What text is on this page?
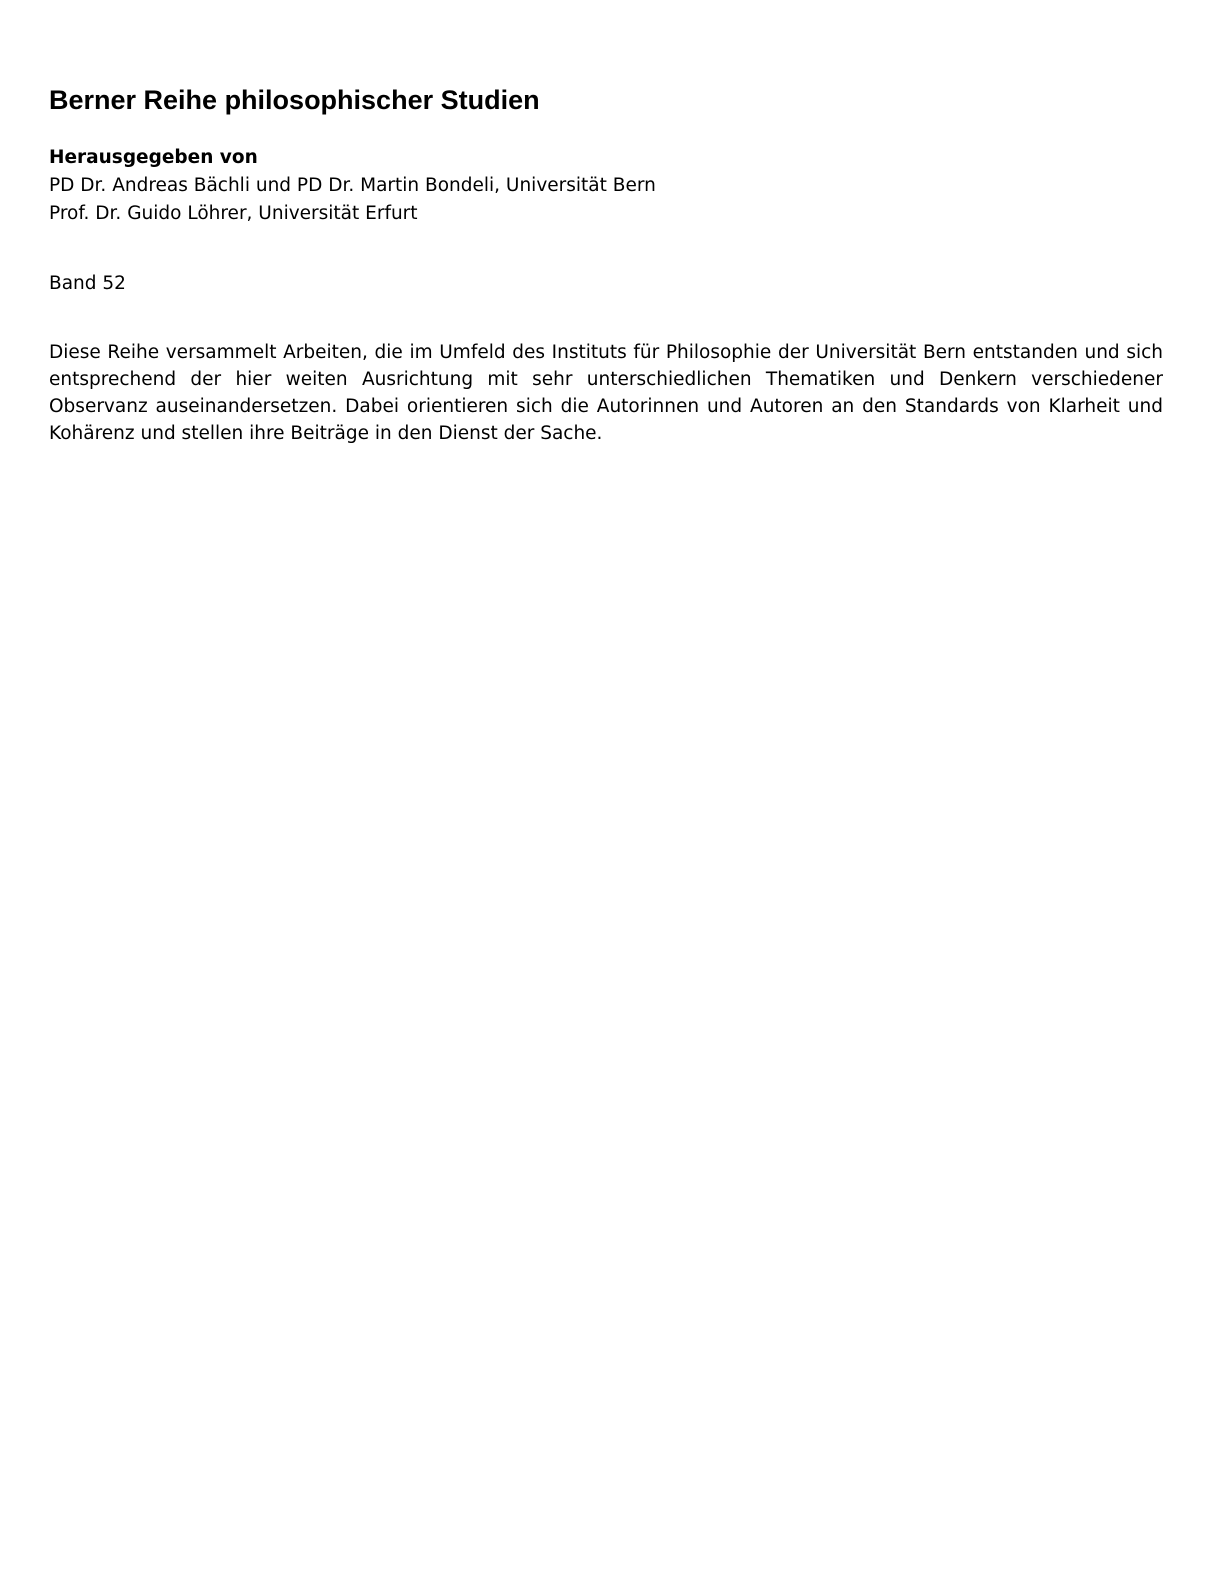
Berner Reihe philosophischer Studien
Herausgegeben von
PD Dr. Andreas Bächli und PD Dr. Martin Bondeli, Universität Bern
Prof. Dr. Guido Löhrer, Universität Erfurt
Band 52

Diese Reihe versammelt Arbeiten, die im Umfeld des Instituts für Philosophie der Universität Bern entstanden und sich entsprechend der hier weiten Ausrichtung mit sehr unterschiedlichen Thematiken und Denkern verschiedener Observanz auseinandersetzen. Dabei orientieren sich die Autorinnen und Autoren an den Standards von Klarheit und Kohärenz und stellen ihre Beiträge in den Dienst der Sache.
